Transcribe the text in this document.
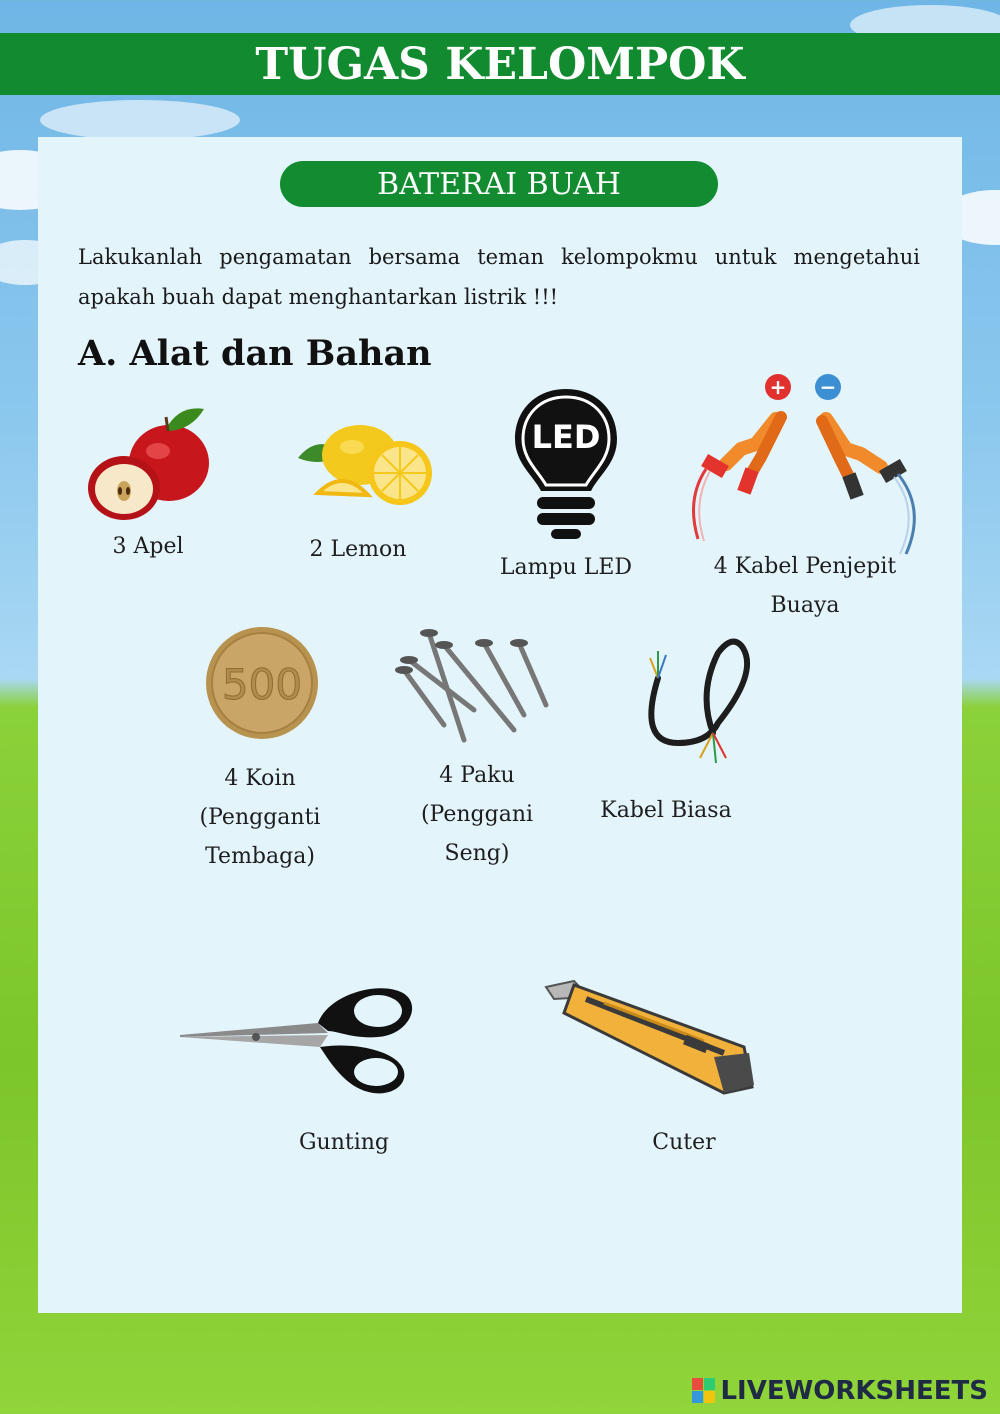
TUGAS KELOMPOK
BATERAI BUAH
Lakukanlah pengamatan bersama teman kelompokmu untuk mengetahui apakah buah dapat menghantarkan listrik !!!
A. Alat dan Bahan
3 Apel	2 Lemon
LED
Lampu LED
+ −
4 Kabel Penjepit
Buaya
500
4 Koin
(Pengganti
Tembaga)
4 Paku
(Penggani
Seng)
Kabel Biasa
Gunting	Cuter
LIVEWORKSHEETS
